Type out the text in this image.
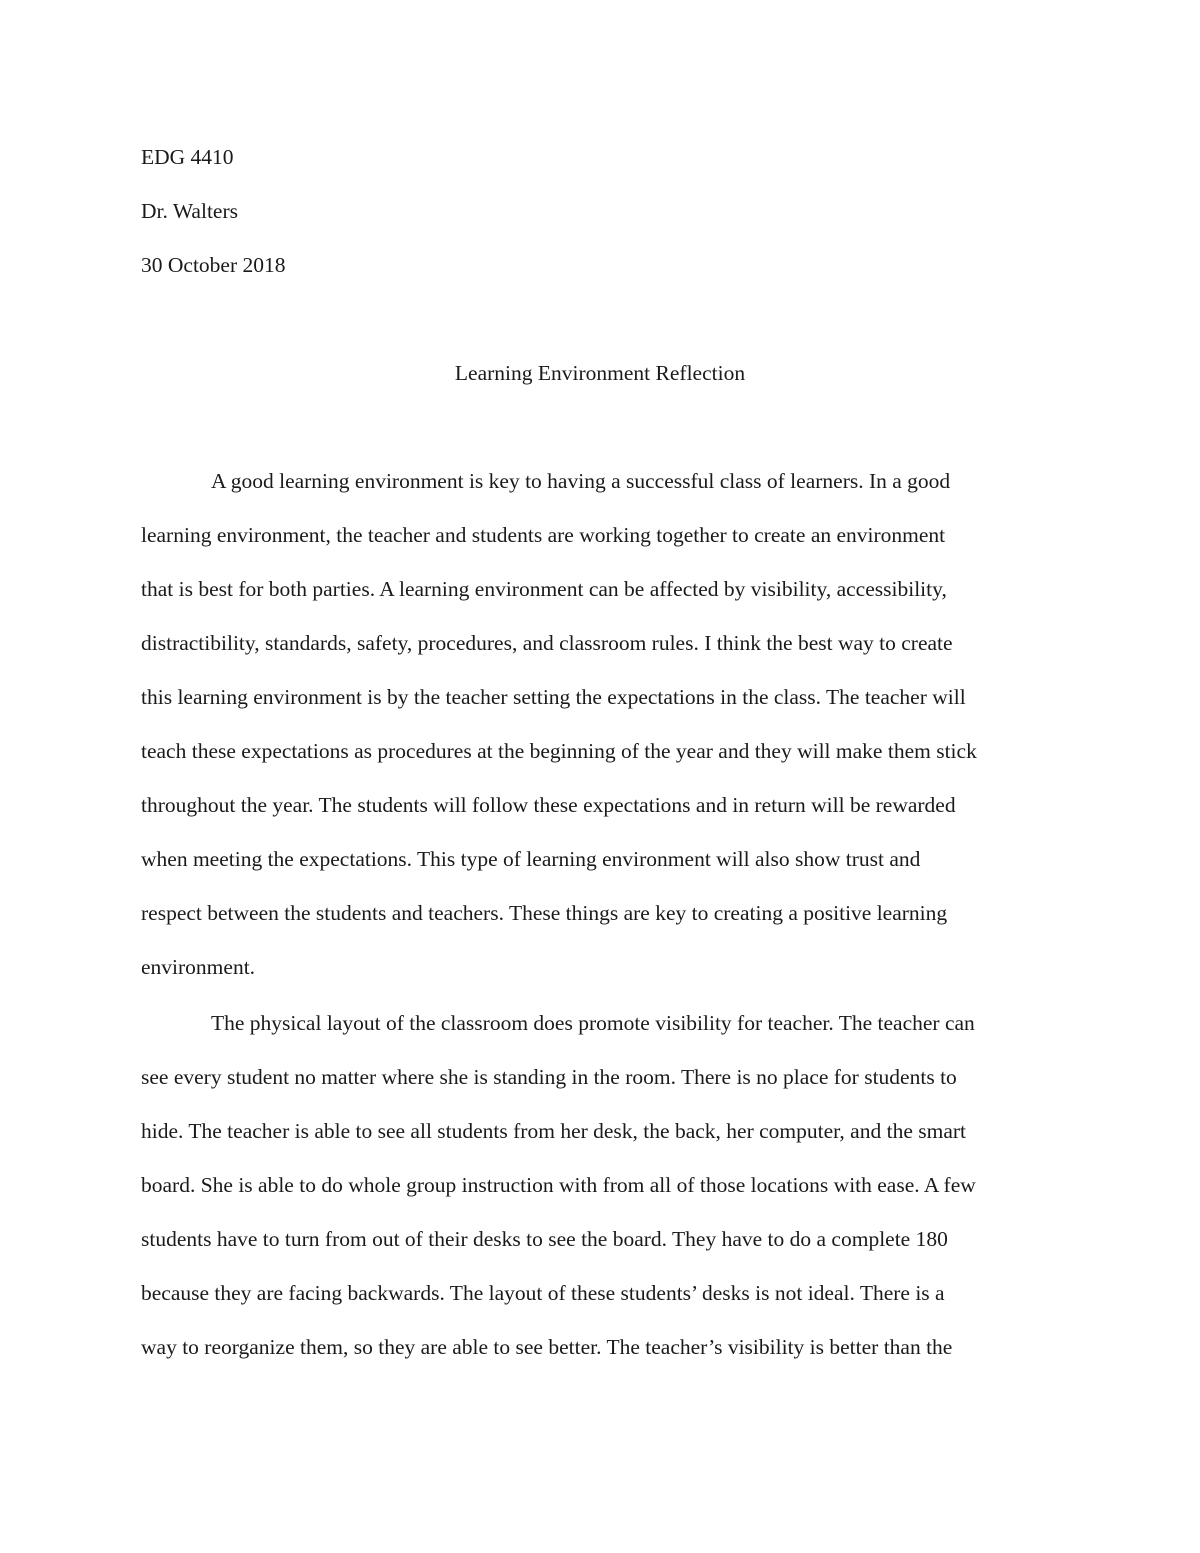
EDG 4410

Dr. Walters

30 October 2018

Learning Environment Reflection

A good learning environment is key to having a successful class of learners. In a good

learning environment, the teacher and students are working together to create an environment

that is best for both parties. A learning environment can be affected by visibility, accessibility,

distractibility, standards, safety, procedures, and classroom rules. I think the best way to create

this learning environment is by the teacher setting the expectations in the class. The teacher will

teach these expectations as procedures at the beginning of the year and they will make them stick

throughout the year. The students will follow these expectations and in return will be rewarded

when meeting the expectations. This type of learning environment will also show trust and

respect between the students and teachers. These things are key to creating a positive learning

environment.

The physical layout of the classroom does promote visibility for teacher. The teacher can

see every student no matter where she is standing in the room. There is no place for students to

hide. The teacher is able to see all students from her desk, the back, her computer, and the smart

board. She is able to do whole group instruction with from all of those locations with ease. A few

students have to turn from out of their desks to see the board. They have to do a complete 180

because they are facing backwards. The layout of these students’ desks is not ideal. There is a

way to reorganize them, so they are able to see better. The teacher’s visibility is better than the
